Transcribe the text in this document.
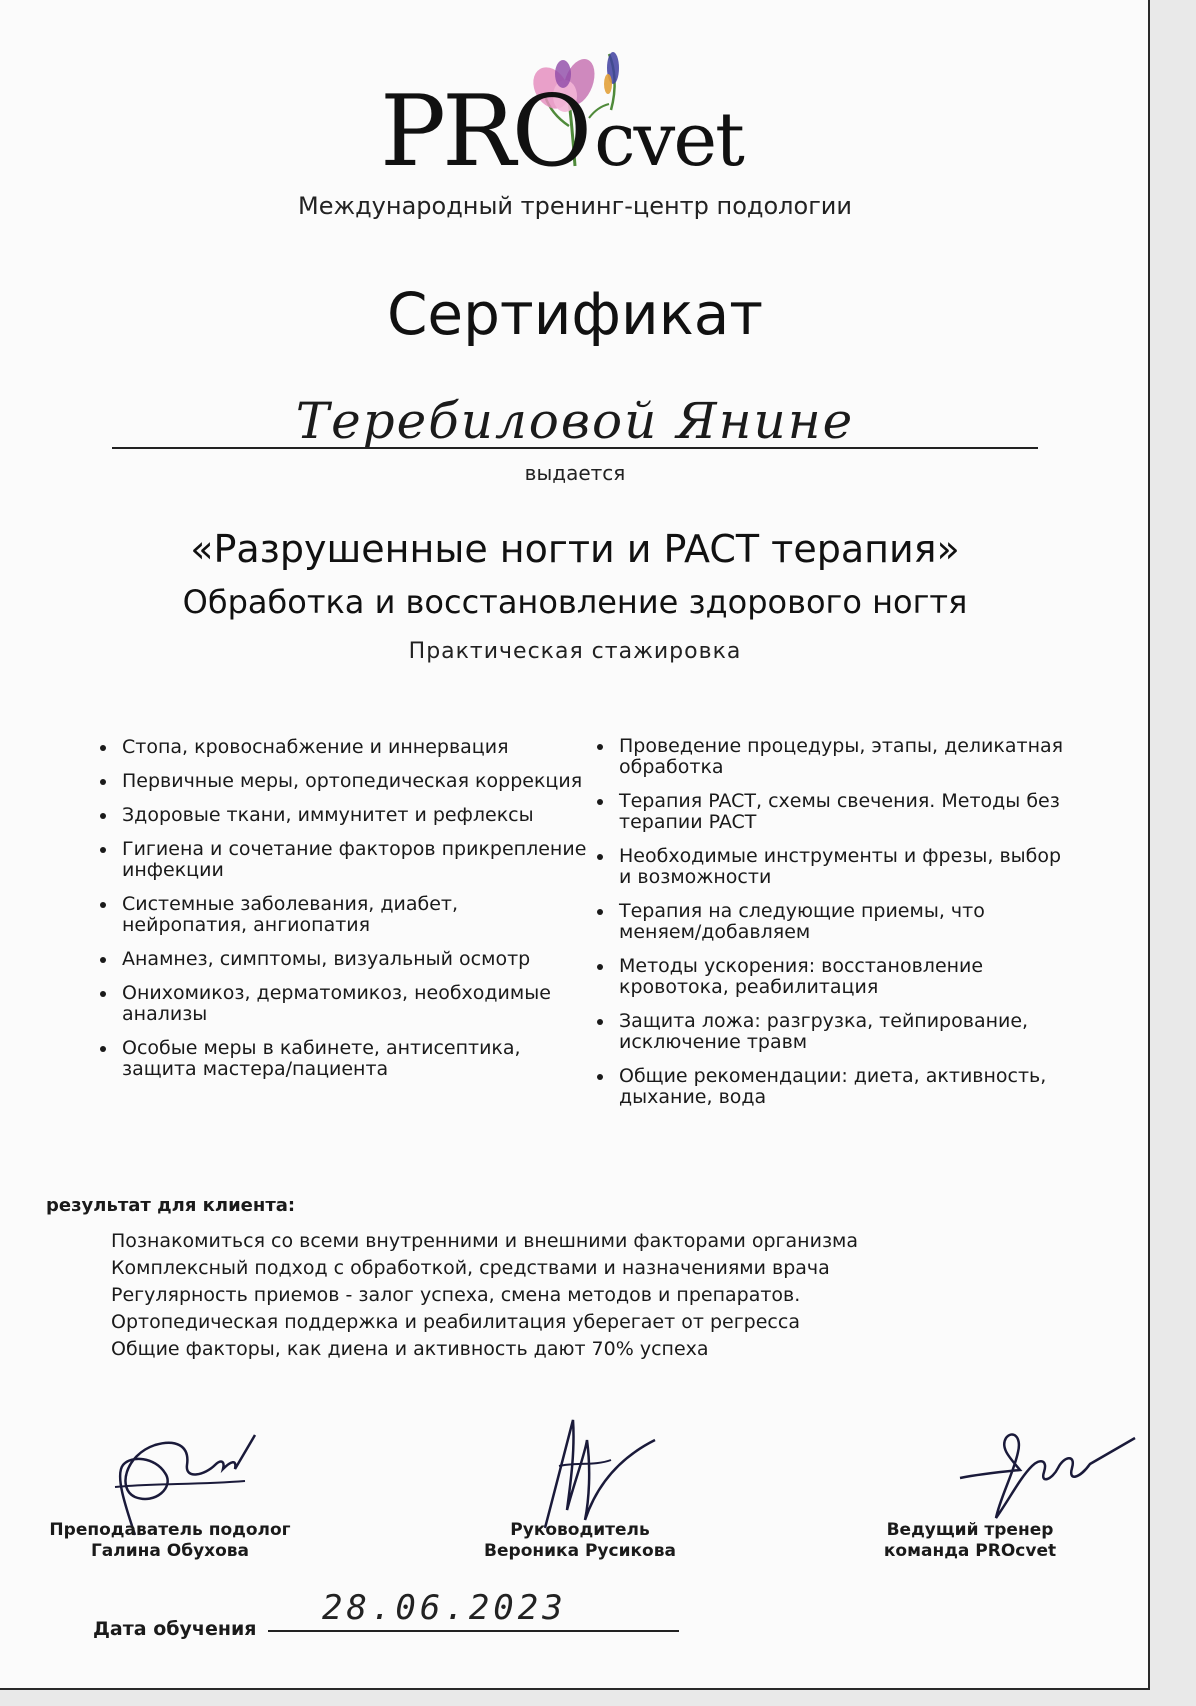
PROcvet
Международный тренинг-центр подологии
Сертификат
Теребиловой Янине
выдается
«Разрушенные ногти и PACT терапия»
Обработка и восстановление здорового ногтя
Практическая стажировка
• Стопа, кровоснабжение и иннервация
• Первичные меры, ортопедическая коррекция
• Здоровые ткани, иммунитет и рефлексы
• Гигиена и сочетание факторов прикрепление инфекции
• Системные заболевания, диабет, нейропатия, ангиопатия
• Анамнез, симптомы, визуальный осмотр
• Онихомикоз, дерматомикоз, необходимые анализы
• Особые меры в кабинете, антисептика, защита мастера/пациента
• Проведение процедуры, этапы, деликатная обработка
• Терапия PACT, схемы свечения. Методы без терапии PACT
• Необходимые инструменты и фрезы, выбор и возможности
• Терапия на следующие приемы, что меняем/добавляем
• Методы ускорения: восстановление кровотока, реабилитация
• Защита ложа: разгрузка, тейпирование, исключение травм
• Общие рекомендации: диета, активность, дыхание, вода
результат для клиента:
Познакомиться со всеми внутренними и внешними факторами организма
Комплексный подход с обработкой, средствами и назначениями врача
Регулярность приемов - залог успеха, смена методов и препаратов.
Ортопедическая поддержка и реабилитация уберегает от регресса
Общие факторы, как диена и активность дают 70% успеха
Преподаватель подолог
Галина Обухова
Руководитель
Вероника Русикова
Ведущий тренер
команда PROcvet
Дата обучения
28.06.2023
